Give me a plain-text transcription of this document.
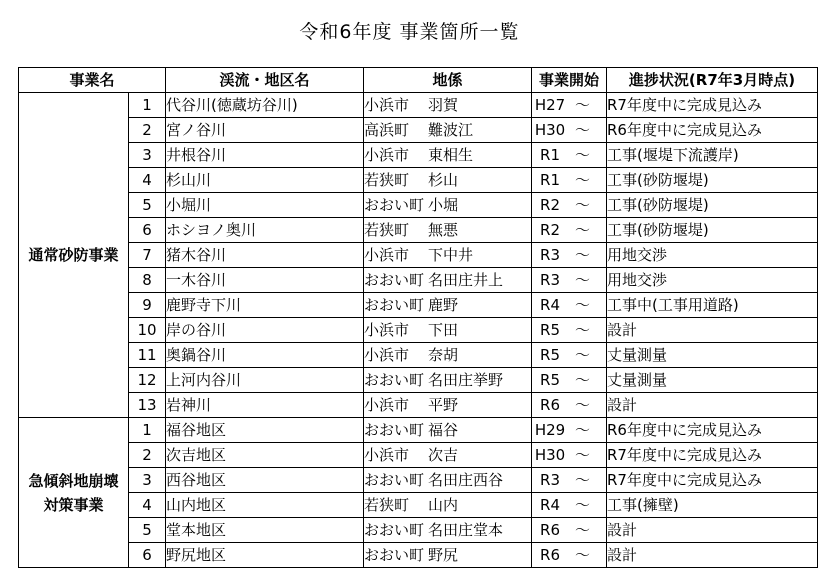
令和6年度 事業箇所一覧
事業名		渓流・地区名	地係	事業開始	進捗状況(R7年3月時点)
通常砂防事業	1	代谷川(徳蔵坊谷川)	小浜市 羽賀	H27 ～	R7年度中に完成見込み
	2	宮ノ谷川	高浜町 難波江	H30 ～	R6年度中に完成見込み
	3	井根谷川	小浜市 東相生	R1 ～	工事(堰堤下流護岸)
	4	杉山川	若狭町 杉山	R1 ～	工事(砂防堰堤)
	5	小堀川	おおい町 小堀	R2 ～	工事(砂防堰堤)
	6	ホシヨノ奥川	若狭町 無悪	R2 ～	工事(砂防堰堤)
	7	猪木谷川	小浜市 下中井	R3 ～	用地交渉
	8	一木谷川	おおい町 名田庄井上	R3 ～	用地交渉
	9	鹿野寺下川	おおい町 鹿野	R4 ～	工事中(工事用道路)
	10	岸の谷川	小浜市 下田	R5 ～	設計
	11	奥鍋谷川	小浜市 奈胡	R5 ～	丈量測量
	12	上河内谷川	おおい町 名田庄挙野	R5 ～	丈量測量
	13	岩神川	小浜市 平野	R6 ～	設計

急傾斜地崩壊
対策事業	1	福谷地区	おおい町 福谷	H29 ～	R6年度中に完成見込み
	2	次吉地区	小浜市 次吉	H30 ～	R7年度中に完成見込み
	3	西谷地区	おおい町 名田庄西谷	R3 ～	R7年度中に完成見込み
	4	山内地区	若狭町 山内	R4 ～	工事(擁壁)
	5	堂本地区	おおい町 名田庄堂本	R6 ～	設計
	6	野尻地区	おおい町 野尻	R6 ～	設計
